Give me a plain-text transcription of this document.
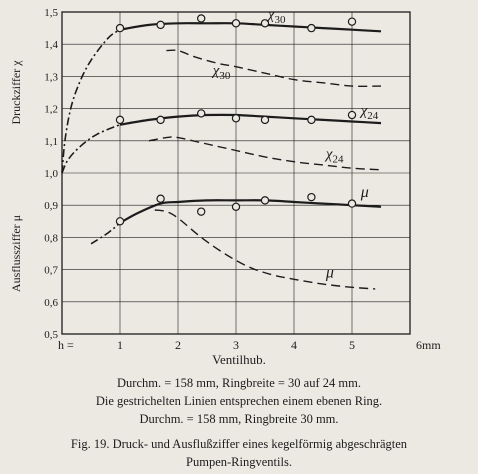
h =	1	2	3	4	5	6mm
0,5
0,6
0,7
0,8
0,9
1,0
1,1
1,2
1,3
1,4
1,5
Druckziffer χ
Ausflussziffer μ
$\chi_{30}$
$\chi_{30}$
$\chi_{24}$
$\chi_{24}$
μ
μ
Ventilhub.
Durchm. = 158 mm, Ringbreite = 30 auf 24 mm.
Die gestrichelten Linien entsprechen einem ebenen Ring.
Durchm. = 158 mm, Ringbreite 30 mm.
Fig. 19. Druck- und Ausflußziffer eines kegelförmig abgeschrägten
Pumpen-Ringventils.
